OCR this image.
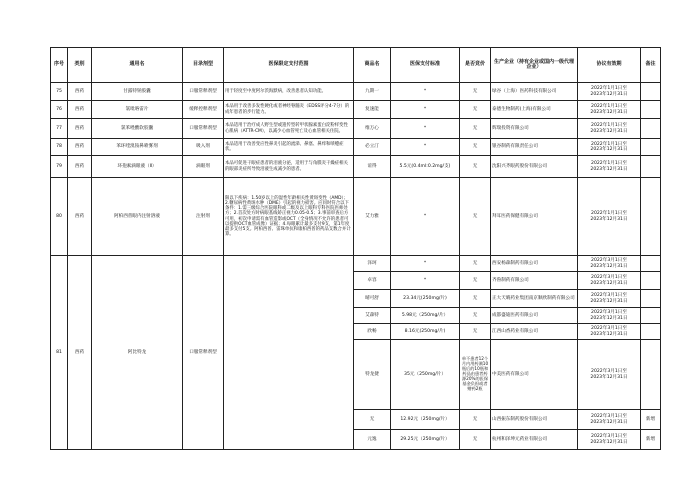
序号	类别	通用名	目录剂型	医保限定支付范围	商品名	医保支付标准	是否竞价	生产企业（持有企业或国内一级代理企业）	协议有效期	备注
75	西药	甘露特钠胶囊	口服常释剂型	用于轻度至中度阿尔茨海默病，改善患者认知功能。	九期一	*	无	绿谷（上海）医药科技有限公司	2022年1月1日至
2023年12月31日	

76	西药	氯吡咯雷片	缓释控释剂型	本品用于改善多发性硬化或者神经脊髓炎（EDSS评分4-7分）的成年患者的步行能力。	复速能	*	无	泰德生物制药(上海)有限公司	2022年1月1日至
2023年12月31日	

77	西药	氯苯唑酸软胶囊	口服常释剂型	本品适用于治疗成人野生型或遗传型转甲状腺素蛋白淀粉样变性心肌病（ATTR-CM），以减少心血管死亡及心血管相关住院。	维万心	*	无	辉瑞投资有限公司	2022年1月1日至
2023年12月31日	

78	西药	苯环喹溴铵鼻喷雾剂	吸入剂	本品适用于改善变应性鼻炎引起的流涕、鼻塞、鼻痒和喷嚏症状。	必立汀	*	无	银谷制药有限责任公司	2022年1月1日至
2023年12月31日	

79	西药	环孢素滴眼液（Ⅱ）	滴眼剂	本品可促进干眼症患者的泪液分泌，适用于与角膜炎干燥症相关的眼部炎症所导致泪液生成减少的患者。	谊得	5.5元(0.4ml:0.2mg/支)	无	沈阳兴齐眼药股份有限公司	2022年1月1日至
2023年12月31日	

80	西药	阿柏西普眼内注射溶液	注射剂	限以下疾病：1.50岁以上的湿性年龄相关性黄斑变性（AMD）；2.糖尿病性黄斑水肿（DME）引起的视力损害。应同时符合以下条件：1.需三级综合医院眼科或二级及以上眼科专科医院医师处方；2.首次处方时病眼基线矫正视力0.05-0.5；3.事前审查后方可用，初次申请需有血管造影或OCT（全身情况不允许的患者可以提供OCT血管成像）证据；4.每眼累计最多支付9支，第1年度最多支付5支。阿柏西普、雷珠单抗和康柏西普的药品支数合并计算。	艾力雅	*	无	拜耳医药保健有限公司	2022年1月1日至
2023年12月31日	

81	西药	阿比特龙	口服常释剂型		泽珂	*	无	西安杨森制药有限公司	2022年3月1日至
2023年12月31日	

					卓容	*	无	齐鲁制药有限公司	2022年3月1日至
2023年12月31日	

					晴可舒	23.34元(250mg/片)	无	正大天晴药业集团南京顺欣制药有限公司	2022年3月1日至
2023年12月31日	

					艾森特	5.98元（250mg/片）	无	成都盛迪医药有限公司	2022年3月1日至
2023年12月31日	

					欣畅	8.16元(250mg/片)	无	江西山香药业有限公司	2022年3月1日至
2023年12月31日	

					特龙捷	35元（250mg/片）	单不患者12个月内用药满10瓶后的10瓶和药品由患者药源20%的医保基金负担或者赠药2瓶	中美医药有限公司	2022年3月1日至
2023年12月31日	

					无	12.92元（250mg/片）	无	山西振东制药股份有限公司	2022年3月1日至
2023年12月31日	新增
					元逸	29.25元（250mg/片）	无	杭州和泽坤元药业有限公司	2022年3月1日至
2023年12月31日	新增
